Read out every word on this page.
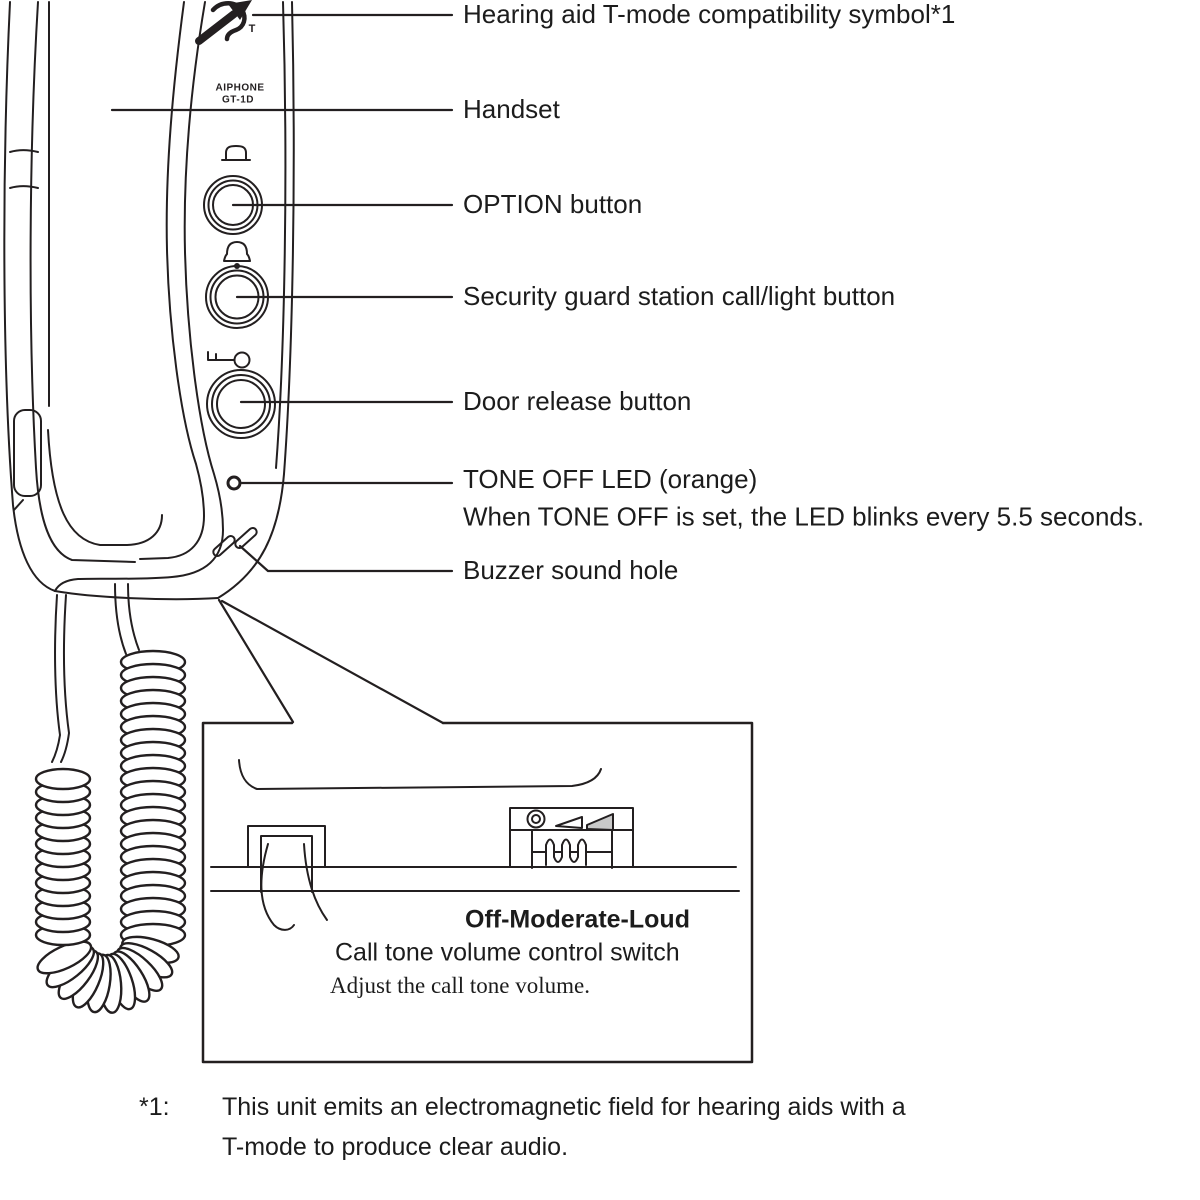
AIPHONE
GT-1D
T	Hearing aid T-mode compatibility symbol*1
Handset
OPTION button
Security guard station call/light button
Door release button
TONE OFF LED (orange)
When TONE OFF is set, the LED blinks every 5.5 seconds.
Buzzer sound hole
Off-Moderate-Loud
Call tone volume control switch
Adjust the call tone volume.
*1: This unit emits an electromagnetic field for hearing aids with a
T-mode to produce clear audio.
